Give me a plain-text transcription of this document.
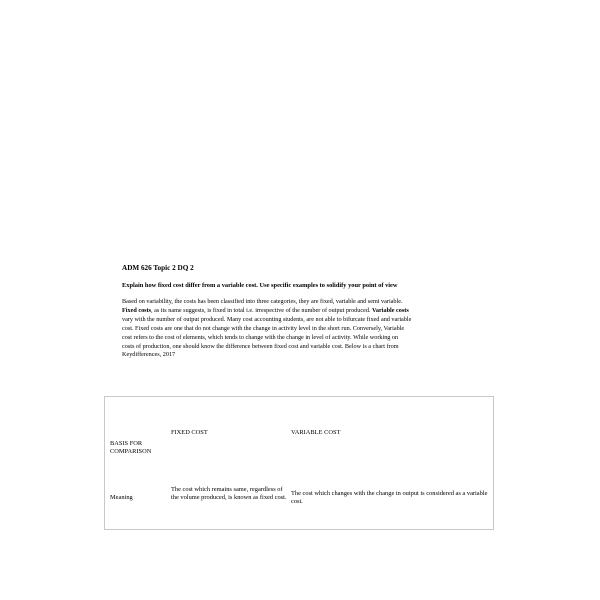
ADM 626 Topic 2 DQ 2
Explain how fixed cost differ from a variable cost. Use specific examples to solidify your point of view
Based on variability, the costs has been classified into three categories, they are fixed, variable and semi variable.
Fixed costs, as its name suggests, is fixed in total i.e. irrespective of the number of output produced. Variable costs
vary with the number of output produced. Many cost accounting students, are not able to bifurcate fixed and variable
cost. Fixed costs are one that do not change with the change in activity level in the short run. Conversely, Variable
cost refers to the cost of elements, which tends to change with the change in level of activity. While working on
costs of production, one should know the difference between fixed cost and variable cost. Below is a chart from
Keydifferences, 2017
FIXED COST	VARIABLE COST
BASIS FOR COMPARISON
Meaning
The cost which remains same, regardless of the volume produced, is known as fixed cost.
The cost which changes with the change in output is considered as a variable cost.
